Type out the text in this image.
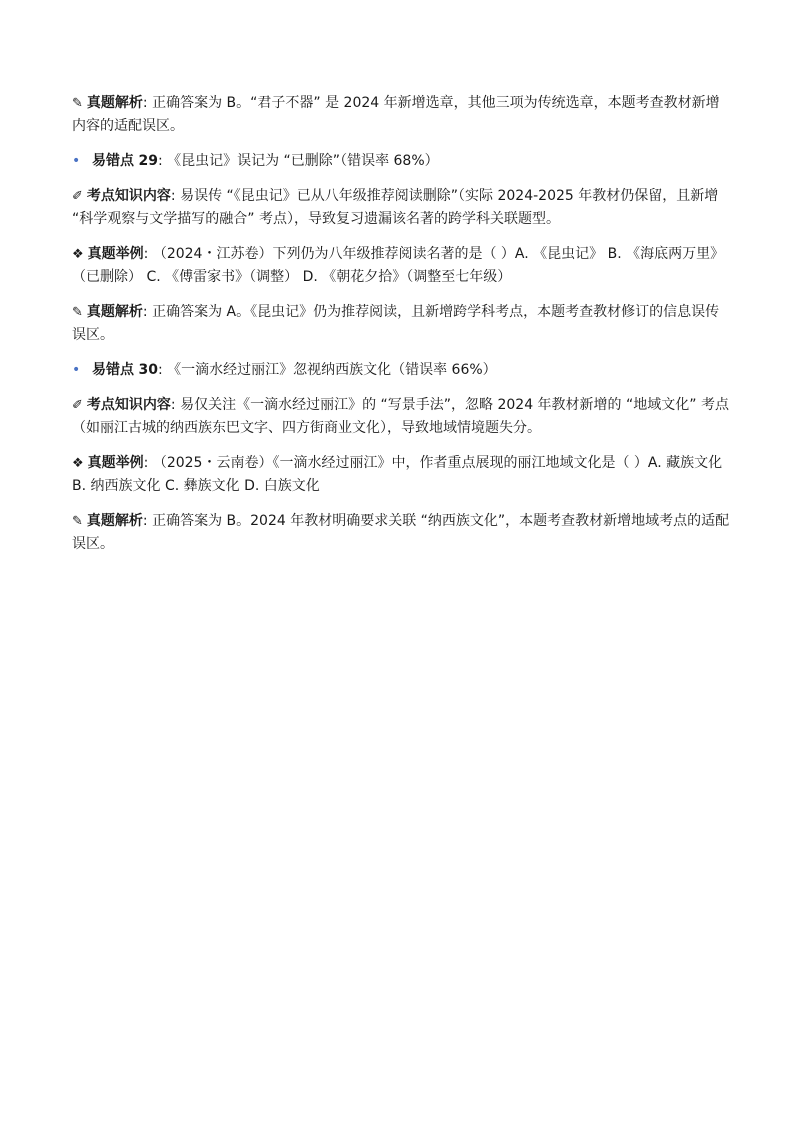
✎ 真题解析: 正确答案为 B。“君子不器” 是 2024 年新增选章，其他三项为传统选章，本题考查教材新增内容的适配误区。

• 易错点 29: 《昆虫记》误记为 “已删除”（错误率 68%）

✐ 考点知识内容: 易误传 “《昆虫记》已从八年级推荐阅读删除”（实际 2024-2025 年教材仍保留，且新增 “科学观察与文学描写的融合” 考点），导致复习遗漏该名著的跨学科关联题型。

❖ 真题举例: （2024・江苏卷）下列仍为八年级推荐阅读名著的是（ ）A. 《昆虫记》 B. 《海底两万里》（已删除） C. 《傅雷家书》（调整） D. 《朝花夕拾》（调整至七年级）

✎ 真题解析: 正确答案为 A。《昆虫记》仍为推荐阅读，且新增跨学科考点，本题考查教材修订的信息误传误区。

• 易错点 30: 《一滴水经过丽江》忽视纳西族文化（错误率 66%）

✐ 考点知识内容: 易仅关注《一滴水经过丽江》的 “写景手法”，忽略 2024 年教材新增的 “地域文化” 考点（如丽江古城的纳西族东巴文字、四方街商业文化），导致地域情境题失分。

❖ 真题举例: （2025・云南卷）《一滴水经过丽江》中，作者重点展现的丽江地域文化是（ ）A. 藏族文化 B. 纳西族文化 C. 彝族文化 D. 白族文化

✎ 真题解析: 正确答案为 B。2024 年教材明确要求关联 “纳西族文化”，本题考查教材新增地域考点的适配误区。
